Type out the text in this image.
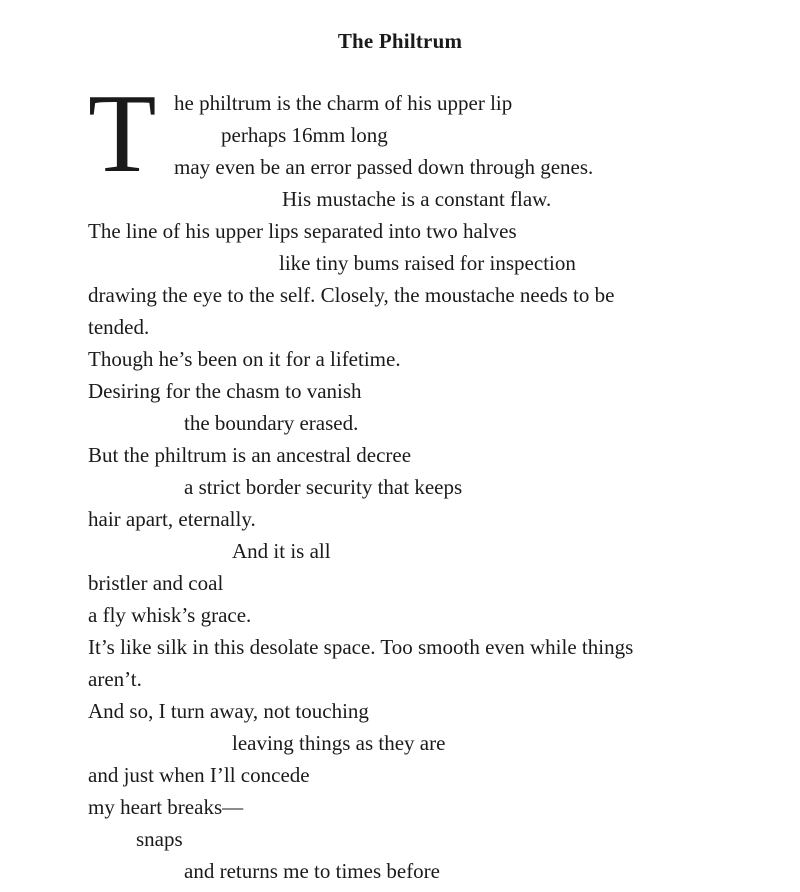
The Philtrum
T he philtrum is the charm of his upper lip
perhaps 16mm long
may even be an error passed down through genes.
His mustache is a constant flaw.
The line of his upper lips separated into two halves
like tiny bums raised for inspection
drawing the eye to the self. Closely, the moustache needs to be
tended.
Though he’s been on it for a lifetime.
Desiring for the chasm to vanish
the boundary erased.
But the philtrum is an ancestral decree
a strict border security that keeps
hair apart, eternally.
And it is all
bristler and coal
a fly whisk’s grace.
It’s like silk in this desolate space. Too smooth even while things
aren’t.
And so, I turn away, not touching
leaving things as they are
and just when I’ll concede
my heart breaks—
snaps
and returns me to times before
